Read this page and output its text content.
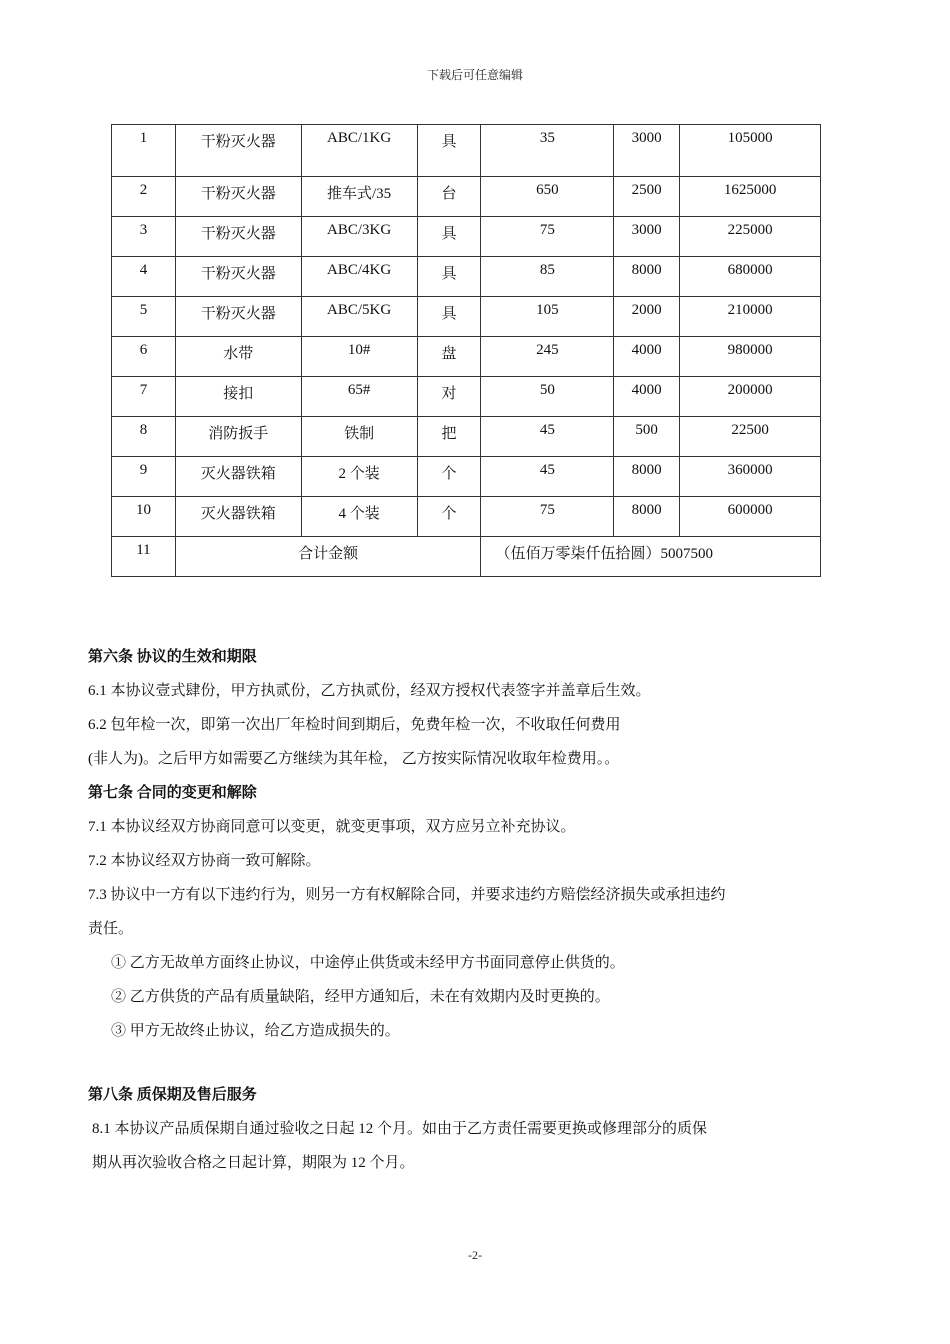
下载后可任意编辑
1	干粉灭火器	ABC/1KG	具	35	3000	105000
2	干粉灭火器	推车式/35	台	650	2500	1625000
3	干粉灭火器	ABC/3KG	具	75	3000	225000
4	干粉灭火器	ABC/4KG	具	85	8000	680000
5	干粉灭火器	ABC/5KG	具	105	2000	210000
6	水带	10#	盘	245	4000	980000
7	接扣	65#	对	50	4000	200000
8	消防扳手	铁制	把	45	500	22500
9	灭火器铁箱	2 个装	个	45	8000	360000
10	灭火器铁箱	4 个装	个	75	8000	600000
11	合计金额			（伍佰万零柒仟伍拾圆）5007500		
第六条 协议的生效和期限
6.1 本协议壹式肆份，甲方执贰份，乙方执贰份，经双方授权代表签字并盖章后生效。
6.2 包年检一次，即第一次出厂年检时间到期后，免费年检一次，不收取任何费用
(非人为)。之后甲方如需要乙方继续为其年检， 乙方按实际情况收取年检费用。。
第七条 合同的变更和解除
7.1 本协议经双方协商同意可以变更，就变更事项，双方应另立补充协议。
7.2 本协议经双方协商一致可解除。
7.3 协议中一方有以下违约行为，则另一方有权解除合同，并要求违约方赔偿经济损失或承担违约
责任。
① 乙方无故单方面终止协议，中途停止供货或未经甲方书面同意停止供货的。
② 乙方供货的产品有质量缺陷，经甲方通知后，未在有效期内及时更换的。
③ 甲方无故终止协议，给乙方造成损失的。
第八条 质保期及售后服务
8.1 本协议产品质保期自通过验收之日起 12 个月。如由于乙方责任需要更换或修理部分的质保
期从再次验收合格之日起计算，期限为 12 个月。
-2-
